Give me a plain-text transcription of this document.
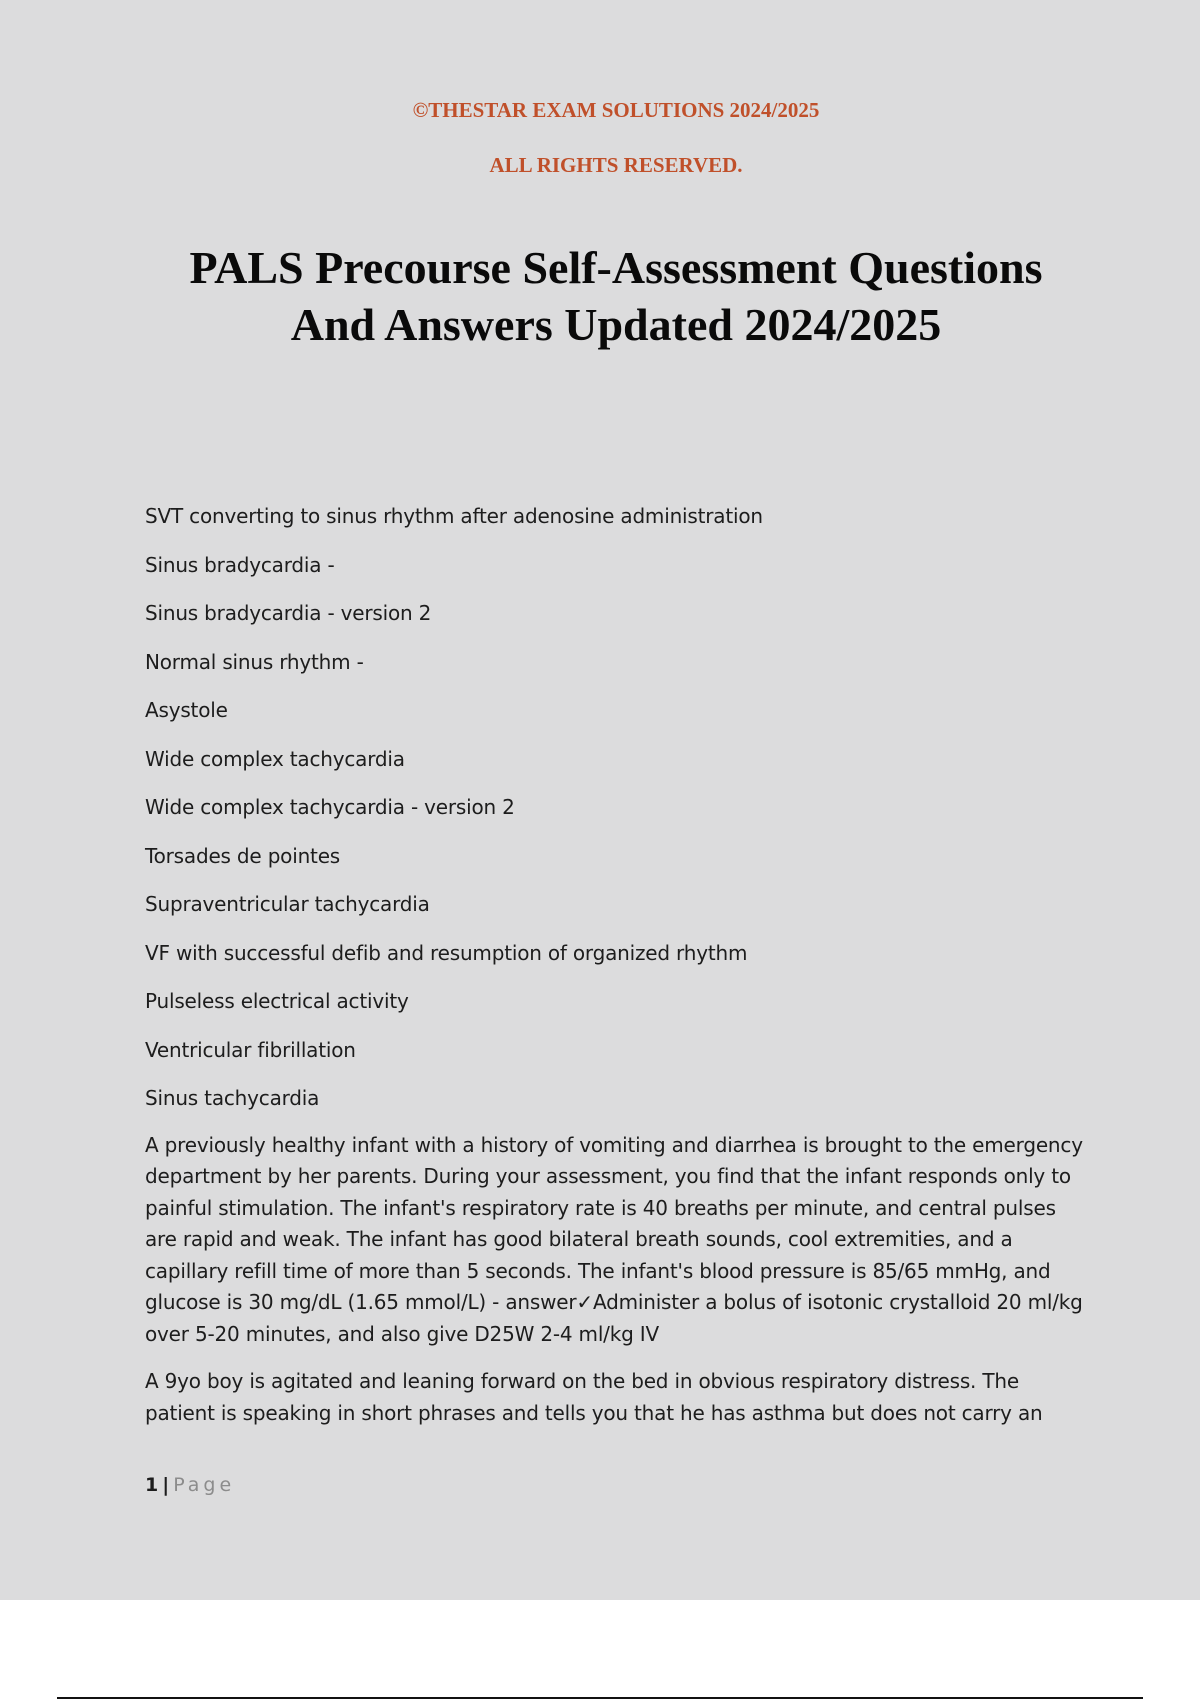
©THESTAR EXAM SOLUTIONS 2024/2025

ALL RIGHTS RESERVED.

PALS Precourse Self-Assessment Questions
And Answers Updated 2024/2025

SVT converting to sinus rhythm after adenosine administration

Sinus bradycardia -

Sinus bradycardia - version 2

Normal sinus rhythm -

Asystole

Wide complex tachycardia

Wide complex tachycardia - version 2

Torsades de pointes

Supraventricular tachycardia

VF with successful defib and resumption of organized rhythm

Pulseless electrical activity

Ventricular fibrillation

Sinus tachycardia

A previously healthy infant with a history of vomiting and diarrhea is brought to the emergency department by her parents. During your assessment, you find that the infant responds only to painful stimulation. The infant's respiratory rate is 40 breaths per minute, and central pulses are rapid and weak. The infant has good bilateral breath sounds, cool extremities, and a capillary refill time of more than 5 seconds. The infant's blood pressure is 85/65 mmHg, and glucose is 30 mg/dL (1.65 mmol/L) - answer✓Administer a bolus of isotonic crystalloid 20 ml/kg over 5-20 minutes, and also give D25W 2-4 ml/kg IV

A 9yo boy is agitated and leaning forward on the bed in obvious respiratory distress. The patient is speaking in short phrases and tells you that he has asthma but does not carry an

1 | Page
